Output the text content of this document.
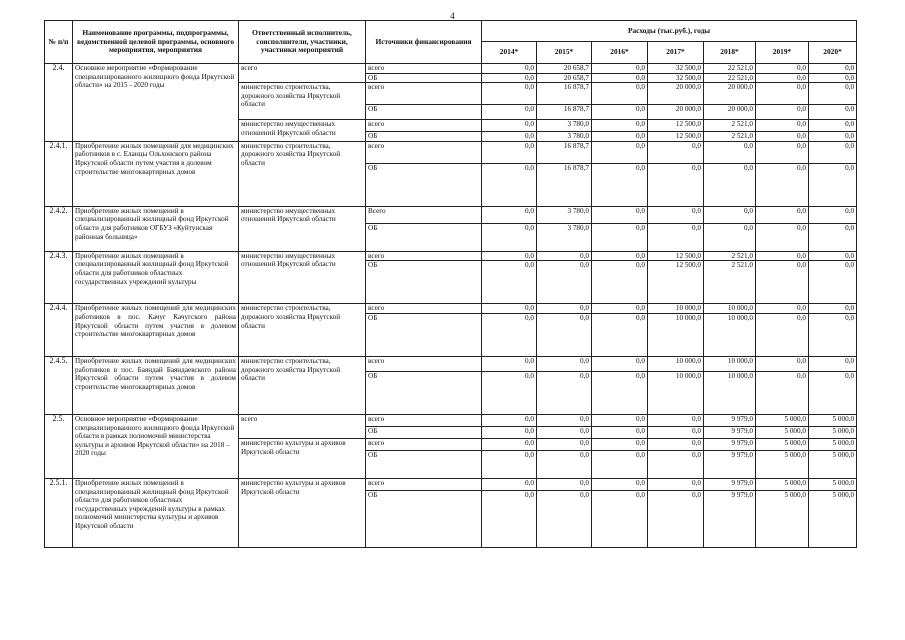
4
№ п/п	Наименование программы, подпрограммы, ведомственной целевой программы, основного мероприятия, мероприятия	Ответственный исполнитель, соисполнители, участники, участники мероприятий	Источники финансирования	Расходы (тыс.руб.), годы						
				2014*	2015*	2016*	2017*	2018*	2019*	2020*
2.4.	Основное мероприятие «Формирование специализированного жилищного фонда Иркутской области» на 2015 - 2020 годы	всего	всего	0,0	20 658,7	0,0	32 500,0	22 521,0	0,0	0,0
			ОБ	0,0	20 658,7	0,0	32 500,0	22 521,0	0,0	0,0
		министерство строительства, дорожного хозяйства Иркутской области	всего	0,0	16 878,7	0,0	20 000,0	20 000,0	0,0	0,0
			ОБ	0,0	16 878,7	0,0	20 000,0	20 000,0	0,0	0,0
		министерство имущественных отношений Иркутской области	всего	0,0	3 780,0	0,0	12 500,0	2 521,0	0,0	0,0
			ОБ	0,0	3 780,0	0,0	12 500,0	2 521,0	0,0	0,0
2.4.1.	Приобретение жилых помещений для медицинских работников в с. Еланцы Ольхонского района Иркутской области путем участия в долевом строительстве многоквартирных домов	министерство строительства, дорожного хозяйства Иркутской области	всего	0,0	16 878,7	0,0	0,0	0,0	0,0	0,0
			ОБ	0,0	16 878,7	0,0	0,0	0,0	0,0	0,0
2.4.2.	Приобретение жилых помещений в специализированный жилищный фонд Иркутской области для работников ОГБУЗ «Куйтунская районная больница»	министерство имущественных отношений Иркутской области	Всего	0,0	3 780,0	0,0	0,0	0,0	0,0	0,0
			ОБ	0,0	3 780,0	0,0	0,0	0,0	0,0	0,0
2.4.3.	Приобретение жилых помещений в специализированный жилищный фонд Иркутской области для работников областных государственных учреждений культуры	министерство имущественных отношений Иркутской области	всего	0,0	0,0	0,0	12 500,0	2 521,0	0,0	0,0
			ОБ	0,0	0,0	0,0	12 500,0	2 521,0	0,0	0,0
2.4.4.	Приобретение жилых помещений для медицинских работников в пос. Качуг Качугского района Иркутской области путем участия в долевом строительстве многоквартирных домов	министерство строительства, дорожного хозяйства Иркутской области	всего	0,0	0,0	0,0	10 000,0	10 000,0	0,0	0,0
			ОБ	0,0	0,0	0,0	10 000,0	10 000,0	0,0	0,0
2.4.5.	Приобретение жилых помещений для медицинских работников в пос. Баяндай Баяндаевского района Иркутской области путем участия в долевом строительстве многоквартирных домов	министерство строительства, дорожного хозяйства Иркутской области	всего	0,0	0,0	0,0	10 000,0	10 000,0	0,0	0,0
			ОБ	0,0	0,0	0,0	10 000,0	10 000,0	0,0	0,0
2.5.	Основное мероприятие «Формирование специализированного жилищного фонда Иркутской области в рамках полномочий министерства культуры и архивов Иркутской области» на 2018 – 2020 годы	всего	всего	0,0	0,0	0,0	0,0	9 979,0	5 000,0	5 000,0
			ОБ	0,0	0,0	0,0	0,0	9 979,0	5 000,0	5 000,0
		министерство культуры и архивов Иркутской области	всего	0,0	0,0	0,0	0,0	9 979,0	5 000,0	5 000,0
			ОБ	0,0	0,0	0,0	0,0	9 979,0	5 000,0	5 000,0
2.5.1.	Приобретение жилых помещений в специализированный жилищный фонд Иркутской области для работников областных государственных учреждений культуры в рамках полномочий министерства культуры и архивов Иркутской области	министерство культуры и архивов Иркутской области	всего	0,0	0,0	0,0	0,0	9 979,0	5 000,0	5 000,0
			ОБ	0,0	0,0	0,0	0,0	9 979,0	5 000,0	5 000,0
